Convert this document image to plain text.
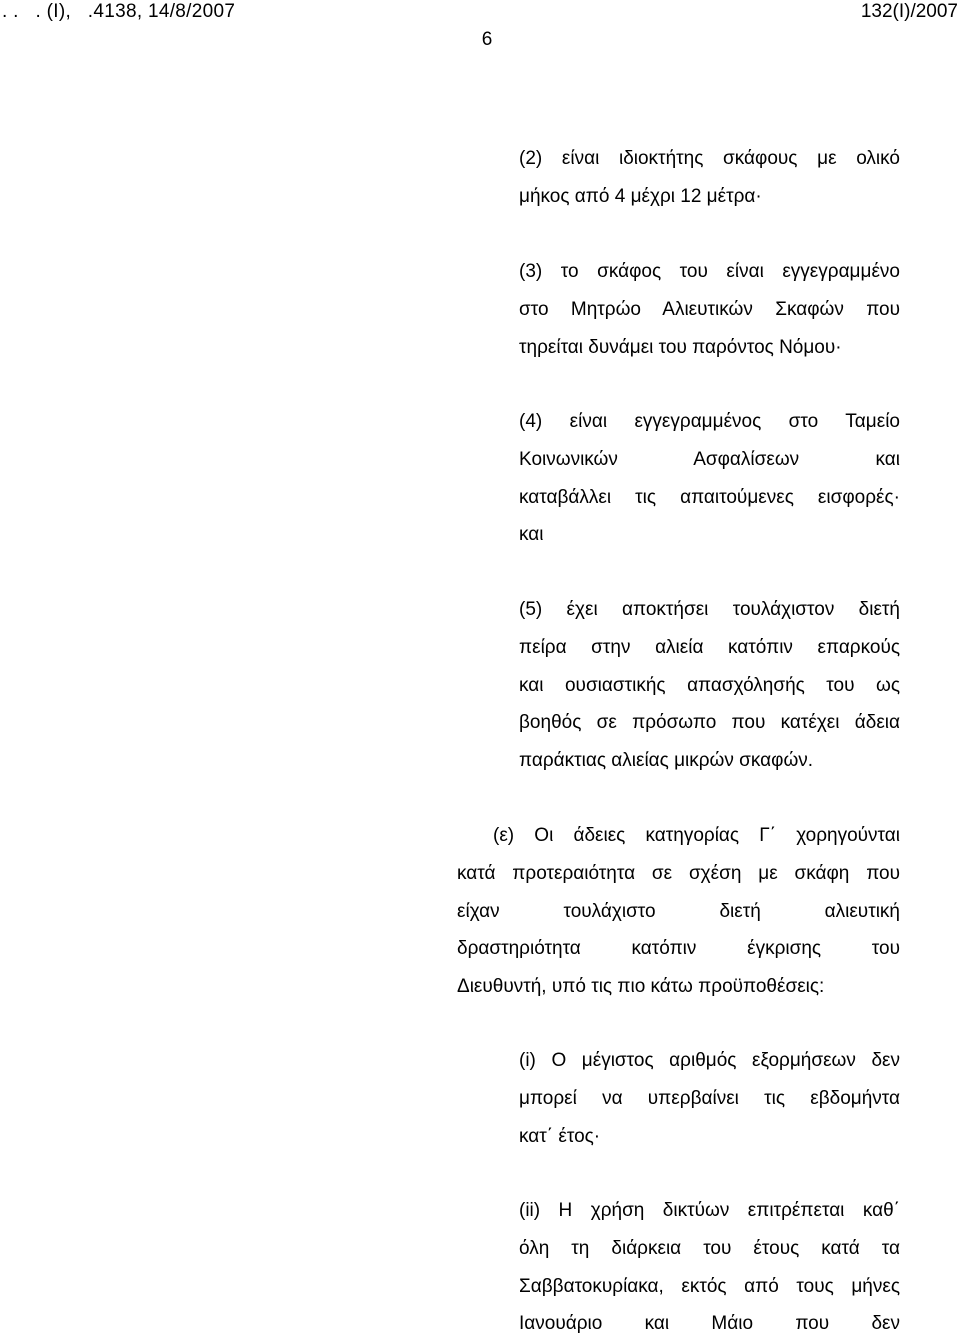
. .   . (Ι),   .4138, 14/8/2007	132(Ι)/2007
6
(2) είναι ιδιοκτήτης σκάφους με ολικό
μήκος από 4 μέχρι 12 μέτρα·
(3) το σκάφος του είναι εγγεγραμμένο
στο Μητρώο Αλιευτικών Σκαφών που
τηρείται δυνάμει του παρόντος Νόμου·
(4) είναι εγγεγραμμένος στο Ταμείο
Κοινωνικών Ασφαλίσεων και
καταβάλλει τις απαιτούμενες εισφορές·
και
(5) έχει αποκτήσει τουλάχιστον διετή
πείρα στην αλιεία κατόπιν επαρκούς
και ουσιαστικής απασχόλησής του ως
βοηθός σε πρόσωπο που κατέχει άδεια
παράκτιας αλιείας μικρών σκαφών.
(ε) Οι άδειες κατηγορίας Γ΄ χορηγούνται
κατά προτεραιότητα σε σχέση με σκάφη που
είχαν τουλάχιστο διετή αλιευτική
δραστηριότητα κατόπιν έγκρισης του
Διευθυντή, υπό τις πιο κάτω προϋποθέσεις:
(i) Ο μέγιστος αριθμός εξορμήσεων δεν
μπορεί να υπερβαίνει τις εβδομήντα
κατ΄ έτος·
(ii) Η χρήση δικτύων επιτρέπεται καθ΄
όλη τη διάρκεια του έτους κατά τα
Σαββατοκυρίακα, εκτός από τους μήνες
Ιανουάριο και Μάιο που δεν
